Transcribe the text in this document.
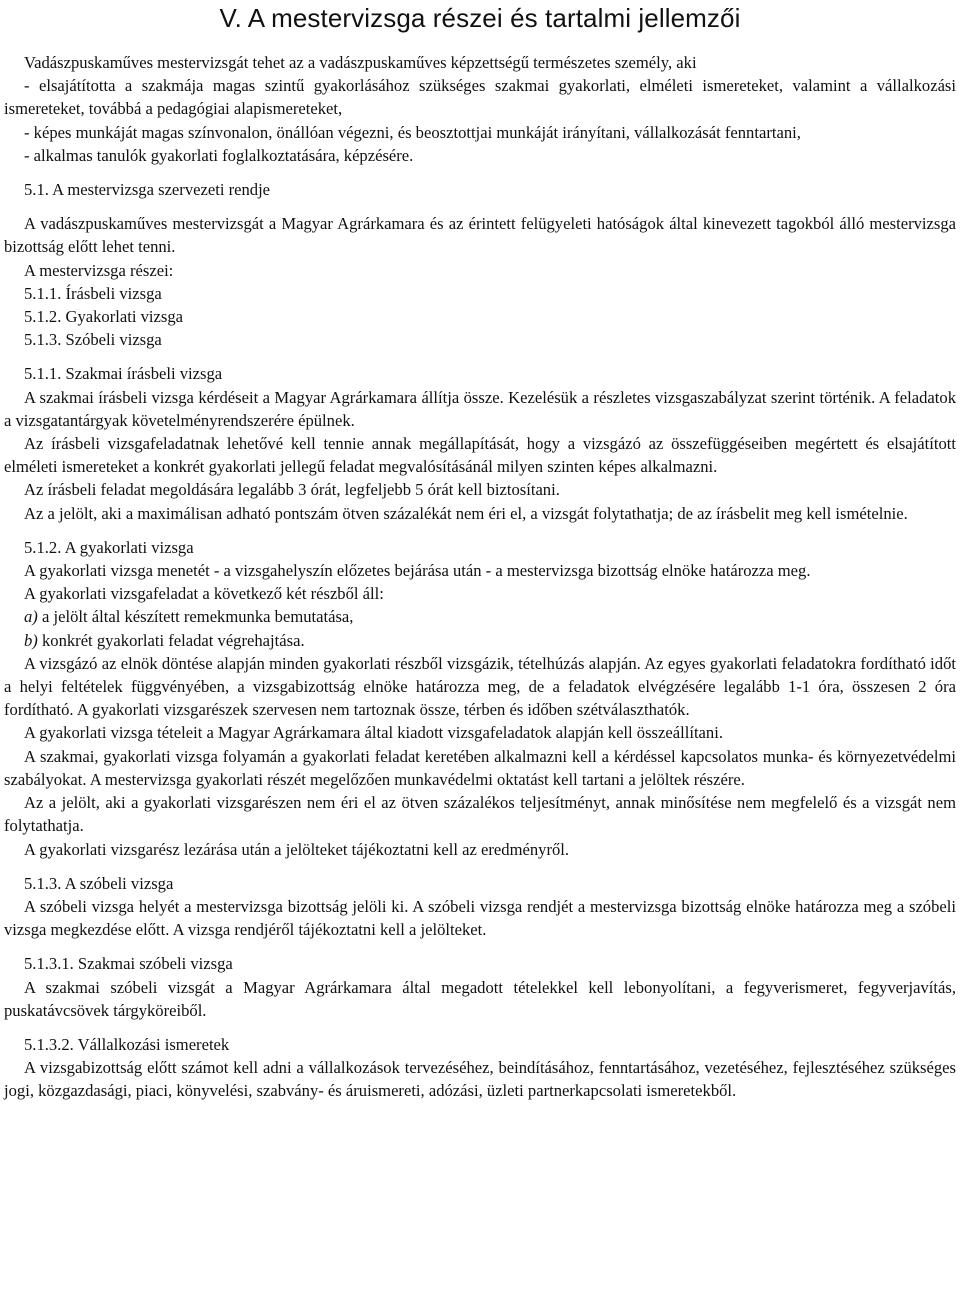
V. A mestervizsga részei és tartalmi jellemzői

Vadászpuskaműves mestervizsgát tehet az a vadászpuskaműves képzettségű természetes személy, aki

- elsajátította a szakmája magas szintű gyakorlásához szükséges szakmai gyakorlati, elméleti ismereteket, valamint a vállalkozási ismereteket, továbbá a pedagógiai alapismereteket,

- képes munkáját magas színvonalon, önállóan végezni, és beosztottjai munkáját irányítani, vállalkozását fenntartani,

- alkalmas tanulók gyakorlati foglalkoztatására, képzésére.

5.1. A mestervizsga szervezeti rendje

A vadászpuskaműves mestervizsgát a Magyar Agrárkamara és az érintett felügyeleti hatóságok által kinevezett tagokból álló mestervizsga bizottság előtt lehet tenni.

A mestervizsga részei:

5.1.1. Írásbeli vizsga

5.1.2. Gyakorlati vizsga

5.1.3. Szóbeli vizsga

5.1.1. Szakmai írásbeli vizsga

A szakmai írásbeli vizsga kérdéseit a Magyar Agrárkamara állítja össze. Kezelésük a részletes vizsgaszabályzat szerint történik. A feladatok a vizsgatantárgyak követelményrendszerére épülnek.

Az írásbeli vizsgafeladatnak lehetővé kell tennie annak megállapítását, hogy a vizsgázó az összefüggéseiben megértett és elsajátított elméleti ismereteket a konkrét gyakorlati jellegű feladat megvalósításánál milyen szinten képes alkalmazni.

Az írásbeli feladat megoldására legalább 3 órát, legfeljebb 5 órát kell biztosítani.

Az a jelölt, aki a maximálisan adható pontszám ötven százalékát nem éri el, a vizsgát folytathatja; de az írásbelit meg kell ismételnie.

5.1.2. A gyakorlati vizsga

A gyakorlati vizsga menetét - a vizsgahelyszín előzetes bejárása után - a mestervizsga bizottság elnöke határozza meg.

A gyakorlati vizsgafeladat a következő két részből áll:

a) a jelölt által készített remekmunka bemutatása,

b) konkrét gyakorlati feladat végrehajtása.

A vizsgázó az elnök döntése alapján minden gyakorlati részből vizsgázik, tételhúzás alapján. Az egyes gyakorlati feladatokra fordítható időt a helyi feltételek függvényében, a vizsgabizottság elnöke határozza meg, de a feladatok elvégzésére legalább 1-1 óra, összesen 2 óra fordítható. A gyakorlati vizsgarészek szervesen nem tartoznak össze, térben és időben szétválaszthatók.

A gyakorlati vizsga tételeit a Magyar Agrárkamara által kiadott vizsgafeladatok alapján kell összeállítani.

A szakmai, gyakorlati vizsga folyamán a gyakorlati feladat keretében alkalmazni kell a kérdéssel kapcsolatos munka- és környezetvédelmi szabályokat. A mestervizsga gyakorlati részét megelőzően munkavédelmi oktatást kell tartani a jelöltek részére.

Az a jelölt, aki a gyakorlati vizsgarészen nem éri el az ötven százalékos teljesítményt, annak minősítése nem megfelelő és a vizsgát nem folytathatja.

A gyakorlati vizsgarész lezárása után a jelölteket tájékoztatni kell az eredményről.

5.1.3. A szóbeli vizsga

A szóbeli vizsga helyét a mestervizsga bizottság jelöli ki. A szóbeli vizsga rendjét a mestervizsga bizottság elnöke határozza meg a szóbeli vizsga megkezdése előtt. A vizsga rendjéről tájékoztatni kell a jelölteket.

5.1.3.1. Szakmai szóbeli vizsga

A szakmai szóbeli vizsgát a Magyar Agrárkamara által megadott tételekkel kell lebonyolítani, a fegyverismeret, fegyverjavítás, puskatávcsövek tárgyköreiből.

5.1.3.2. Vállalkozási ismeretek

A vizsgabizottság előtt számot kell adni a vállalkozások tervezéséhez, beindításához, fenntartásához, vezetéséhez, fejlesztéséhez szükséges jogi, közgazdasági, piaci, könyvelési, szabvány- és áruismereti, adózási, üzleti partnerkapcsolati ismeretekből.
